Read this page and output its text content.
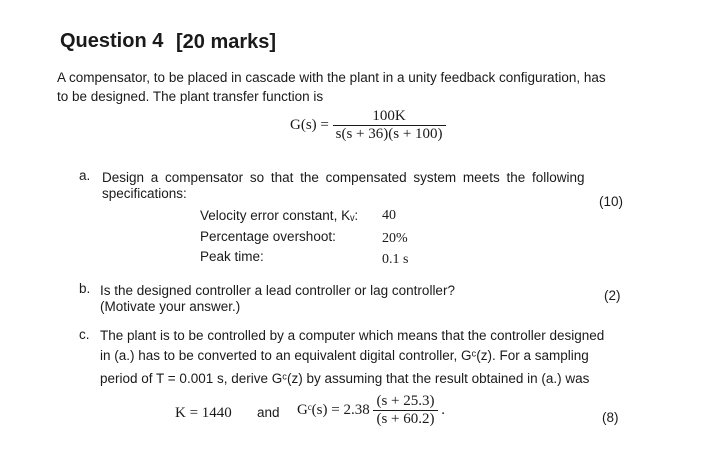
Question 4 [20 marks]
A compensator, to be placed in cascade with the plant in a unity feedback configuration, has
to be designed. The plant transfer function is
$G(s) = \frac{100K}{s(s + 36)(s + 100)}$
a. Design a compensator so that the compensated system meets the following
specifications:
(10)
Velocity error constant, Kᵥ: 40
Percentage overshoot:	20%
Peak time:	0.1 s
b. Is the designed controller a lead controller or lag controller?
(Motivate your answer.)
(2)
c. The plant is to be controlled by a computer which means that the controller designed
in (a.) has to be converted to an equivalent digital controller, Gᶜ(z). For a sampling
period of T = 0.001 s, derive Gᶜ(z) by assuming that the result obtained in (a.) was
K = 1440 and Gᶜ(s) = $2.38 \frac{(s + 25.3)}{(s + 60.2)}$ .	(8)
